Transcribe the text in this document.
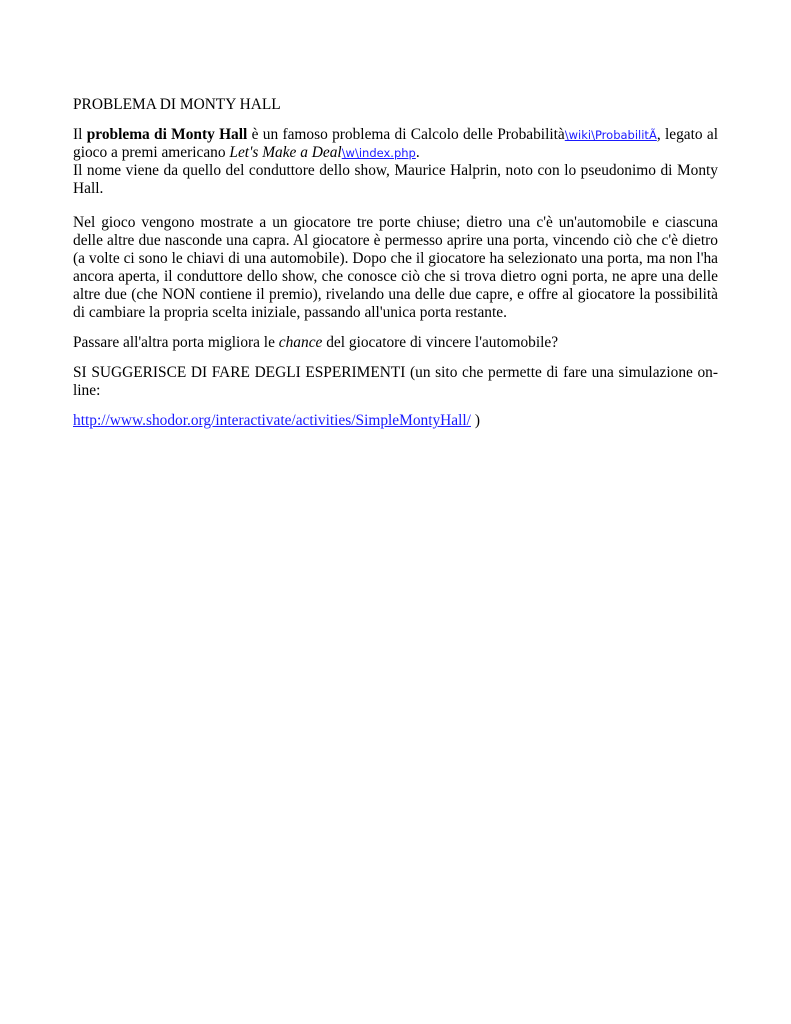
PROBLEMA DI MONTY HALL

Il problema di Monty Hall è un famoso problema di Calcolo delle Probabilità\wiki\ProbabilitÃ, legato al gioco a premi americano Let's Make a Deal\w\index.php.

Il nome viene da quello del conduttore dello show, Maurice Halprin, noto con lo pseudonimo di Monty Hall.

Nel gioco vengono mostrate a un giocatore tre porte chiuse; dietro una c'è un'automobile e ciascuna delle altre due nasconde una capra. Al giocatore è permesso aprire una porta, vincendo ciò che c'è dietro (a volte ci sono le chiavi di una automobile). Dopo che il giocatore ha selezionato una porta, ma non l'ha ancora aperta, il conduttore dello show, che conosce ciò che si trova dietro ogni porta, ne apre una delle altre due (che NON contiene il premio), rivelando una delle due capre, e offre al giocatore la possibilità di cambiare la propria scelta iniziale, passando all'unica porta restante.

Passare all'altra porta migliora le chance del giocatore di vincere l'automobile?

SI SUGGERISCE DI FARE DEGLI ESPERIMENTI (un sito che permette di fare una simulazione on-line:

http://www.shodor.org/interactivate/activities/SimpleMontyHall/ )
